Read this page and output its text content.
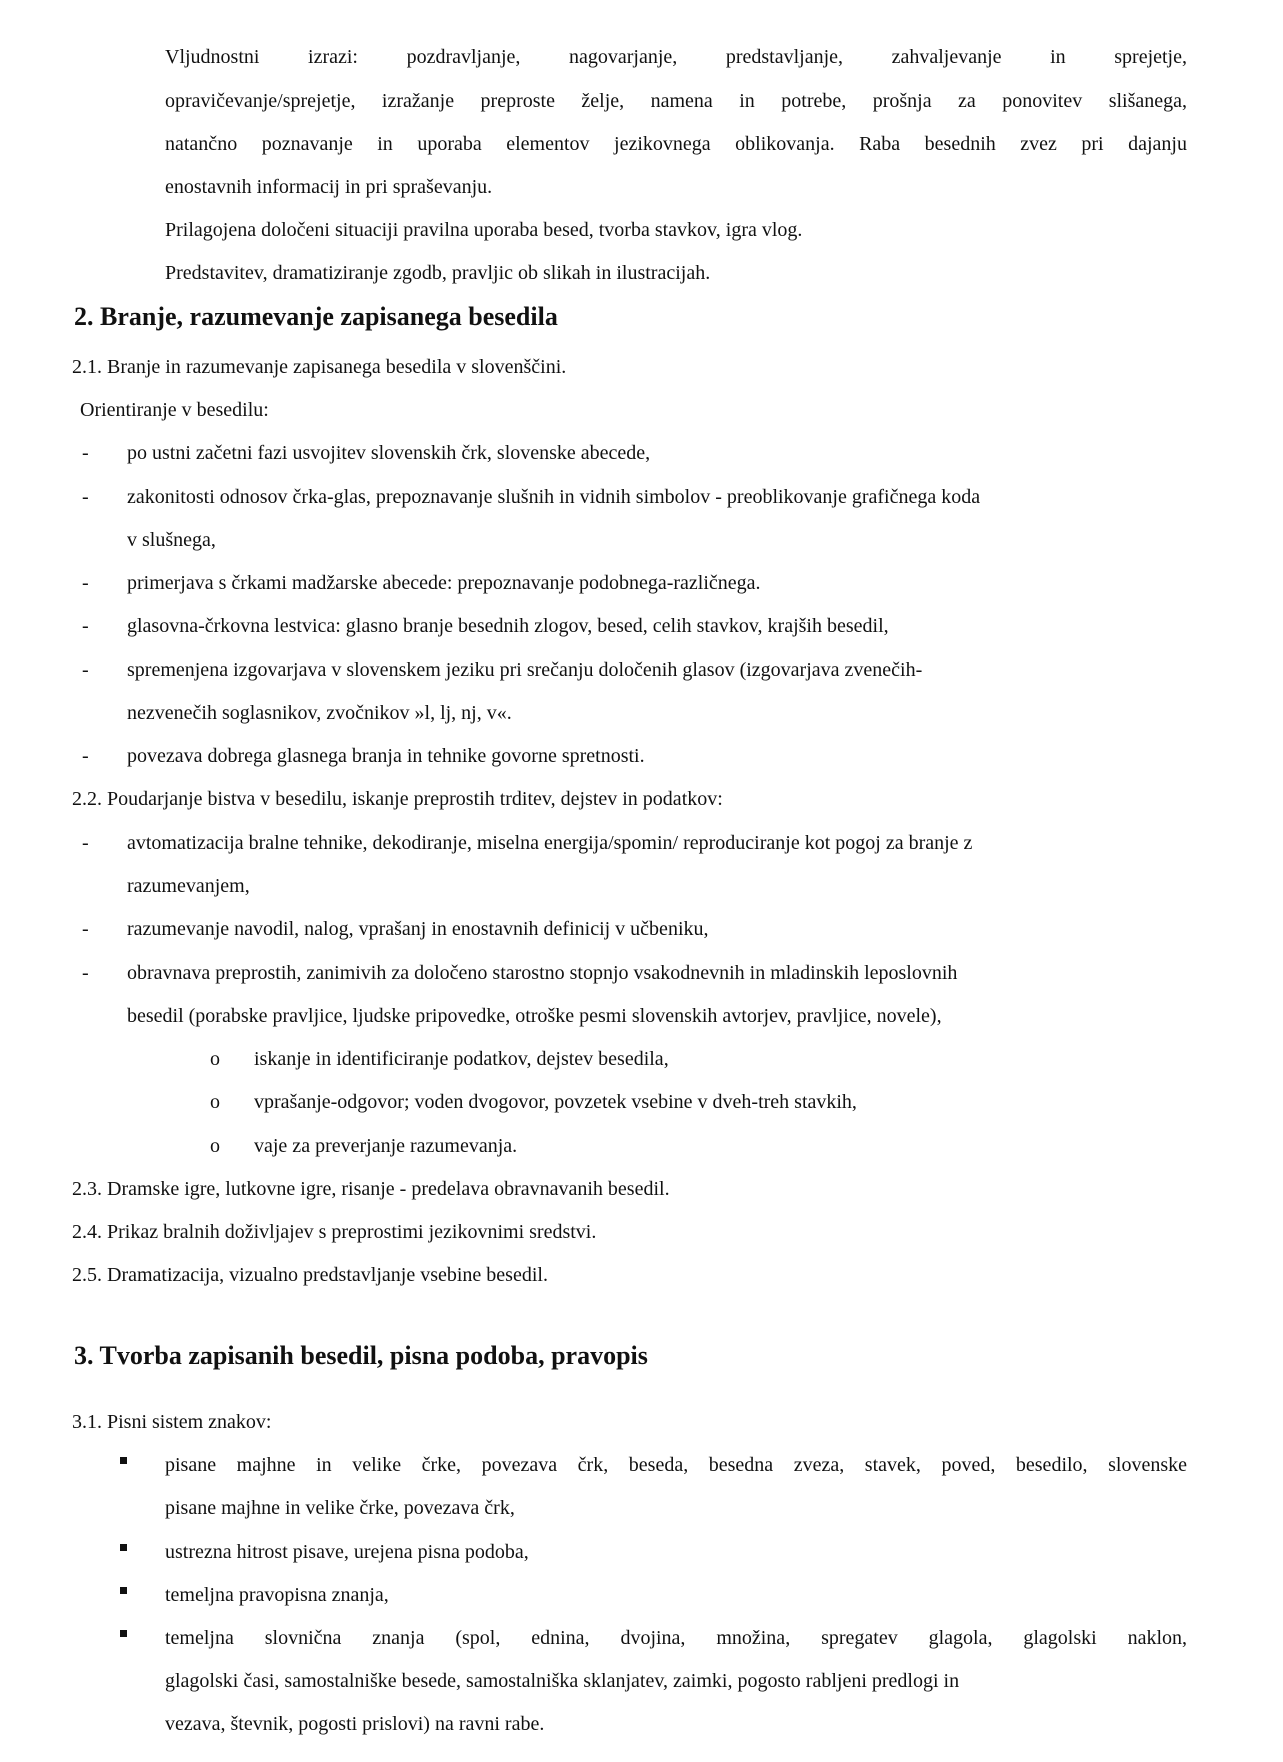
Vljudnostni izrazi: pozdravljanje, nagovarjanje, predstavljanje, zahvaljevanje in sprejetje,
opravičevanje/sprejetje, izražanje preproste želje, namena in potrebe, prošnja za ponovitev slišanega,
natančno poznavanje in uporaba elementov jezikovnega oblikovanja. Raba besednih zvez pri dajanju
enostavnih informacij in pri spraševanju.
Prilagojena določeni situaciji pravilna uporaba besed, tvorba stavkov, igra vlog.
Predstavitev, dramatiziranje zgodb, pravljic ob slikah in ilustracijah.
2. Branje, razumevanje zapisanega besedila
2.1. Branje in razumevanje zapisanega besedila v slovenščini.
Orientiranje v besedilu:
- po ustni začetni fazi usvojitev slovenskih črk, slovenske abecede,
- zakonitosti odnosov črka-glas, prepoznavanje slušnih in vidnih simbolov - preoblikovanje grafičnega koda
v slušnega,
- primerjava s črkami madžarske abecede: prepoznavanje podobnega-različnega.
- glasovna-črkovna lestvica: glasno branje besednih zlogov, besed, celih stavkov, krajših besedil,
- spremenjena izgovarjava v slovenskem jeziku pri srečanju določenih glasov (izgovarjava zvenečih-
nezvenečih soglasnikov, zvočnikov »l, lj, nj, v«.
- povezava dobrega glasnega branja in tehnike govorne spretnosti.
2.2. Poudarjanje bistva v besedilu, iskanje preprostih trditev, dejstev in podatkov:
- avtomatizacija bralne tehnike, dekodiranje, miselna energija/spomin/ reproduciranje kot pogoj za branje z
razumevanjem,
- razumevanje navodil, nalog, vprašanj in enostavnih definicij v učbeniku,
- obravnava preprostih, zanimivih za določeno starostno stopnjo vsakodnevnih in mladinskih leposlovnih
besedil (porabske pravljice, ljudske pripovedke, otroške pesmi slovenskih avtorjev, pravljice, novele),
o iskanje in identificiranje podatkov, dejstev besedila,
o vprašanje-odgovor; voden dvogovor, povzetek vsebine v dveh-treh stavkih,
o vaje za preverjanje razumevanja.
2.3. Dramske igre, lutkovne igre, risanje - predelava obravnavanih besedil.
2.4. Prikaz bralnih doživljajev s preprostimi jezikovnimi sredstvi.
2.5. Dramatizacija, vizualno predstavljanje vsebine besedil.
3. Tvorba zapisanih besedil, pisna podoba, pravopis
3.1. Pisni sistem znakov:
pisane majhne in velike črke, povezava črk, beseda, besedna zveza, stavek, poved, besedilo, slovenske
pisane majhne in velike črke, povezava črk,
ustrezna hitrost pisave, urejena pisna podoba,
temeljna pravopisna znanja,
temeljna slovnična znanja (spol, ednina, dvojina, množina, spregatev glagola, glagolski naklon,
glagolski časi, samostalniške besede, samostalniška sklanjatev, zaimki, pogosto rabljeni predlogi in
vezava, števnik, pogosti prislovi) na ravni rabe.
